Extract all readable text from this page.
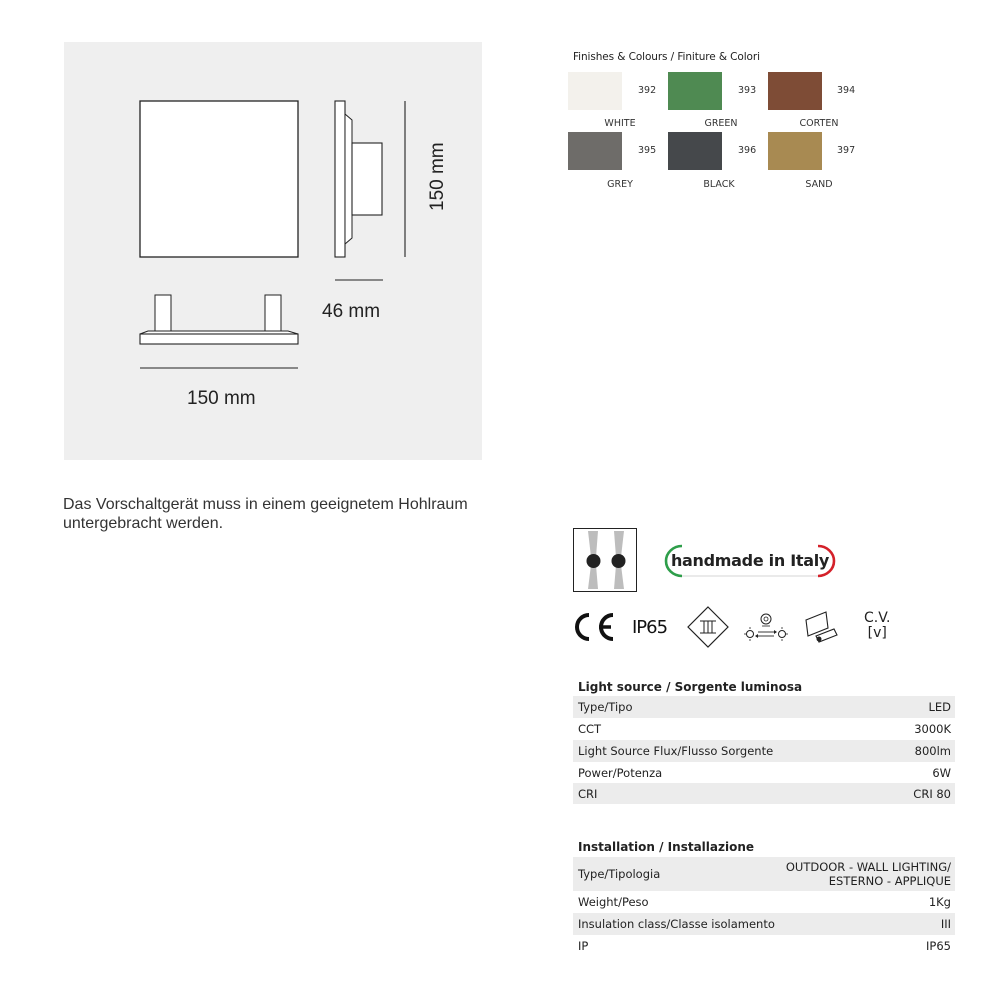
150 mm
150 mm
46 mm
Das Vorschaltgerät muss in einem geeignetem Hohlraum untergebracht werden.
Finishes & Colours / Finiture & Colori
392
WHITE
393
GREEN
394
CORTEN
395
GREY
396
BLACK
397
SAND
handmade in Italy
IP65	C.V.
[v]
Light source / Sorgente luminosa
Type/Tipo	LED
CCT	3000K
Light Source Flux/Flusso Sorgente	800lm
Power/Potenza	6W
CRI	CRI 80
Installation / Installazione
Type/Tipologia	OUTDOOR - WALL LIGHTING/
ESTERNO - APPLIQUE
Weight/Peso	1Kg
Insulation class/Classe isolamento	III
IP	IP65
